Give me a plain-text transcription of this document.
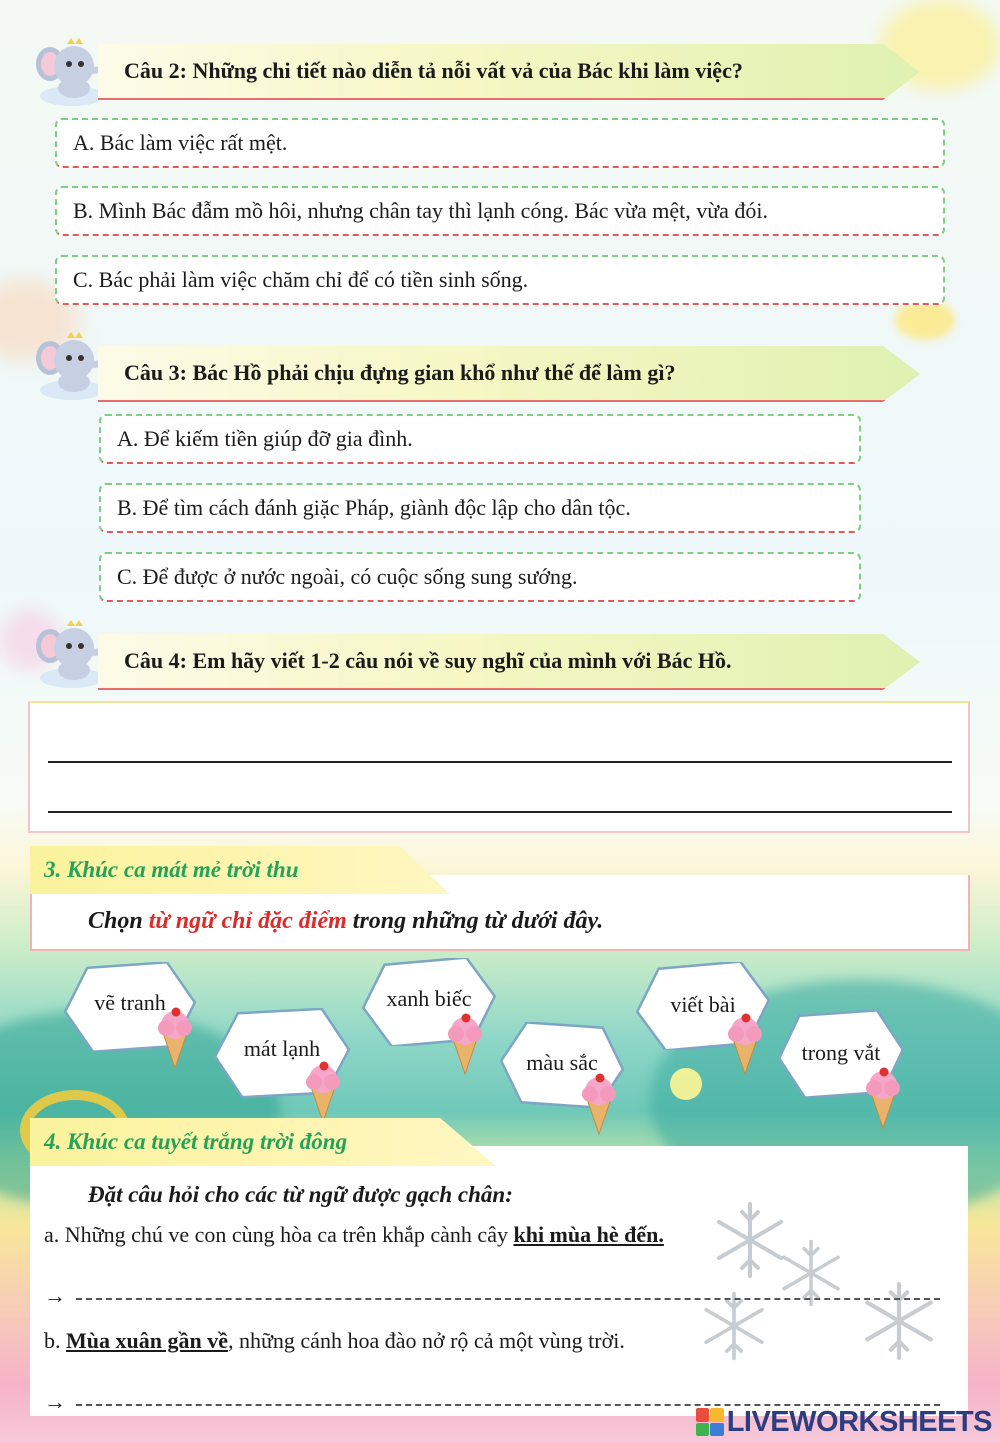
Câu 2: Những chi tiết nào diễn tả nỗi vất vả của Bác khi làm việc?
A. Bác làm việc rất mệt.
B. Mình Bác đẫm mồ hôi, nhưng chân tay thì lạnh cóng. Bác vừa mệt, vừa đói.
C. Bác phải làm việc chăm chỉ để có tiền sinh sống.
Câu 3: Bác Hồ phải chịu đựng gian khổ như thế để làm gì?
A. Để kiếm tiền giúp đỡ gia đình.
B. Để tìm cách đánh giặc Pháp, giành độc lập cho dân tộc.
C. Để được ở nước ngoài, có cuộc sống sung sướng.
Câu 4: Em hãy viết 1-2 câu nói về suy nghĩ của mình với Bác Hồ.
3. Khúc ca mát mẻ trời thu
Chọn từ ngữ chỉ đặc điểm trong những từ dưới đây.
vẽ tranh
mát lạnh
xanh biếc
màu sắc
viết bài
trong vắt
4. Khúc ca tuyết trắng trời đông
Đặt câu hỏi cho các từ ngữ được gạch chân:
a. Những chú ve con cùng hòa ca trên khắp cành cây khi mùa hè đến.
→
b. Mùa xuân gần về, những cánh hoa đào nở rộ cả một vùng trời.
→
LIVEWORKSHEETS
